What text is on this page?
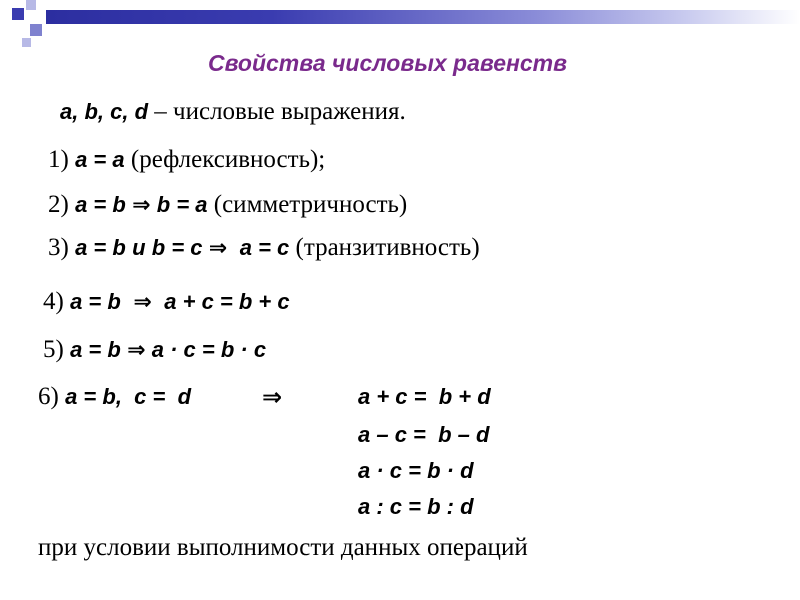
Свойства числовых равенств
a, b, c, d – числовые выражения.
1) a = a (рефлексивность);
2) a = b ⇒ b = a (симметричность)
3) a = b и b = c ⇒ a = c (транзитивность)
4) a = b ⇒ a + c = b + c
5) a = b ⇒ a · c = b · c
6) a = b,  c =  d	⇒	a + c =  b + d
a – c =  b – d
a · c = b · d
a : c = b : d
при условии выполнимости данных операций
